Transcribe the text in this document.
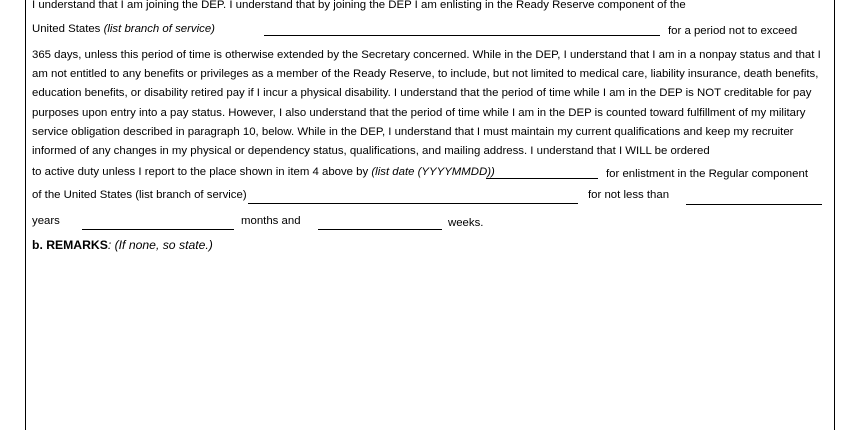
I understand that I am joining the DEP. I understand that by joining the DEP I am enlisting in the Ready Reserve component of the
United States (list branch of service)	for a period not to exceed
365 days, unless this period of time is otherwise extended by the Secretary concerned. While in the DEP, I understand that I am in a nonpay status and that I
am not entitled to any benefits or privileges as a member of the Ready Reserve, to include, but not limited to medical care, liability insurance, death benefits,
education benefits, or disability retired pay if I incur a physical disability. I understand that the period of time while I am in the DEP is NOT creditable for pay
purposes upon entry into a pay status. However, I also understand that the period of time while I am in the DEP is counted toward fulfillment of my military
service obligation described in paragraph 10, below. While in the DEP, I understand that I must maintain my current qualifications and keep my recruiter
informed of any changes in my physical or dependency status, qualifications, and mailing address. I understand that I WILL be ordered
to active duty unless I report to the place shown in item 4 above by (list date (YYYYMMDD))	for enlistment in the Regular component
of the United States (list branch of service)	for not less than
years	months and	weeks.
b. REMARKS: (If none, so state.)
